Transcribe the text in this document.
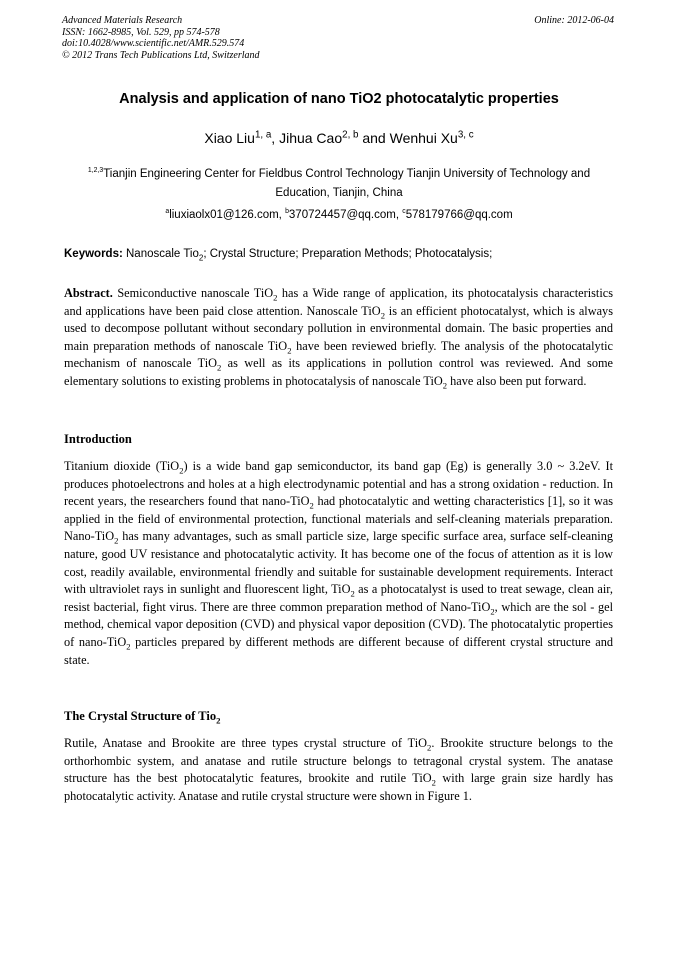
Advanced Materials Research
ISSN: 1662-8985, Vol. 529, pp 574-578
doi:10.4028/www.scientific.net/AMR.529.574
© 2012 Trans Tech Publications Ltd, Switzerland
Online: 2012-06-04
Analysis and application of nano TiO2 photocatalytic properties
Xiao Liu$^{1, a}$, Jihua Cao$^{2, b}$ and Wenhui Xu$^{3, c}$
$^{1,2,3}$Tianjin Engineering Center for Fieldbus Control Technology Tianjin University of Technology and Education, Tianjin, China
$^a$liuxiaolx01@126.com, $^b$370724457@qq.com, $^c$578179766@qq.com
Keywords: Nanoscale Tio$_2$; Crystal Structure; Preparation Methods; Photocatalysis;
Abstract. Semiconductive nanoscale TiO$_2$ has a Wide range of application, its photocatalysis characteristics and applications have been paid close attention. Nanoscale TiO$_2$ is an efficient photocatalyst, which is always used to decompose pollutant without secondary pollution in environmental domain. The basic properties and main preparation methods of nanoscale TiO$_2$ have been reviewed briefly. The analysis of the photocatalytic mechanism of nanoscale TiO$_2$ as well as its applications in pollution control was reviewed. And some elementary solutions to existing problems in photocatalysis of nanoscale TiO$_2$ have also been put forward.
Introduction
Titanium dioxide (TiO$_2$) is a wide band gap semiconductor, its band gap (Eg) is generally 3.0 ~ 3.2eV. It produces photoelectrons and holes at a high electrodynamic potential and has a strong oxidation - reduction. In recent years, the researchers found that nano-TiO$_2$ had photocatalytic and wetting characteristics [1], so it was applied in the field of environmental protection, functional materials and self-cleaning materials preparation. Nano-TiO$_2$ has many advantages, such as small particle size, large specific surface area, surface self-cleaning nature, good UV resistance and photocatalytic activity. It has become one of the focus of attention as it is low cost, readily available, environmental friendly and suitable for sustainable development requirements. Interact with ultraviolet rays in sunlight and fluorescent light, TiO$_2$ as a photocatalyst is used to treat sewage, clean air, resist bacterial, fight virus. There are three common preparation method of Nano-TiO$_2$, which are the sol - gel method, chemical vapor deposition (CVD) and physical vapor deposition (CVD). The photocatalytic properties of nano-TiO$_2$ particles prepared by different methods are different because of different crystal structure and state.
The Crystal Structure of Tio$_2$
Rutile, Anatase and Brookite are three types crystal structure of TiO$_2$. Brookite structure belongs to the orthorhombic system, and anatase and rutile structure belongs to tetragonal crystal system. The anatase structure has the best photocatalytic features, brookite and rutile TiO$_2$ with large grain size hardly has photocatalytic activity. Anatase and rutile crystal structure were shown in Figure 1.
